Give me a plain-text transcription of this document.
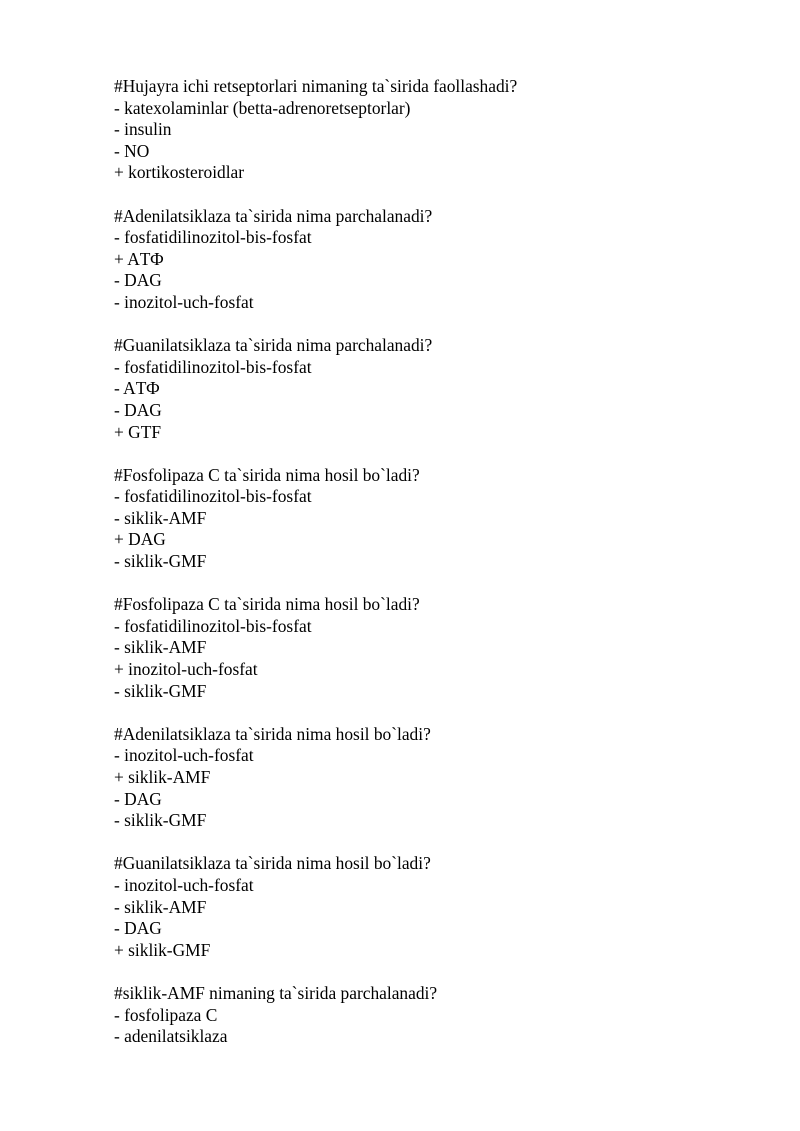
#Hujayra ichi retseptorlari nimaning ta`sirida faollashadi?
- katexolaminlar (betta-adrenoretseptorlar)
- insulin
- NO
+ kortikosteroidlar
#Adenilatsiklaza ta`sirida nima parchalanadi?
- fosfatidilinozitol-bis-fosfat
+ AТФ
- DAG
- inozitol-uch-fosfat
#Guanilatsiklaza ta`sirida nima parchalanadi?
- fosfatidilinozitol-bis-fosfat
- AТФ
- DAG
+ GTF
#Fosfolipaza C ta`sirida nima hosil bo`ladi?
- fosfatidilinozitol-bis-fosfat
- siklik-AMF
+ DAG
- siklik-GMF
#Fosfolipaza C ta`sirida nima hosil bo`ladi?
- fosfatidilinozitol-bis-fosfat
- siklik-AMF
+ inozitol-uch-fosfat
- siklik-GMF
#Adenilatsiklaza ta`sirida nima hosil bo`ladi?
- inozitol-uch-fosfat
+ siklik-AMF
- DAG
- siklik-GMF
#Guanilatsiklaza ta`sirida nima hosil bo`ladi?
- inozitol-uch-fosfat
- siklik-AMF
- DAG
+ siklik-GMF
#siklik-AMF nimaning ta`sirida parchalanadi?
- fosfolipaza C
- adenilatsiklaza
